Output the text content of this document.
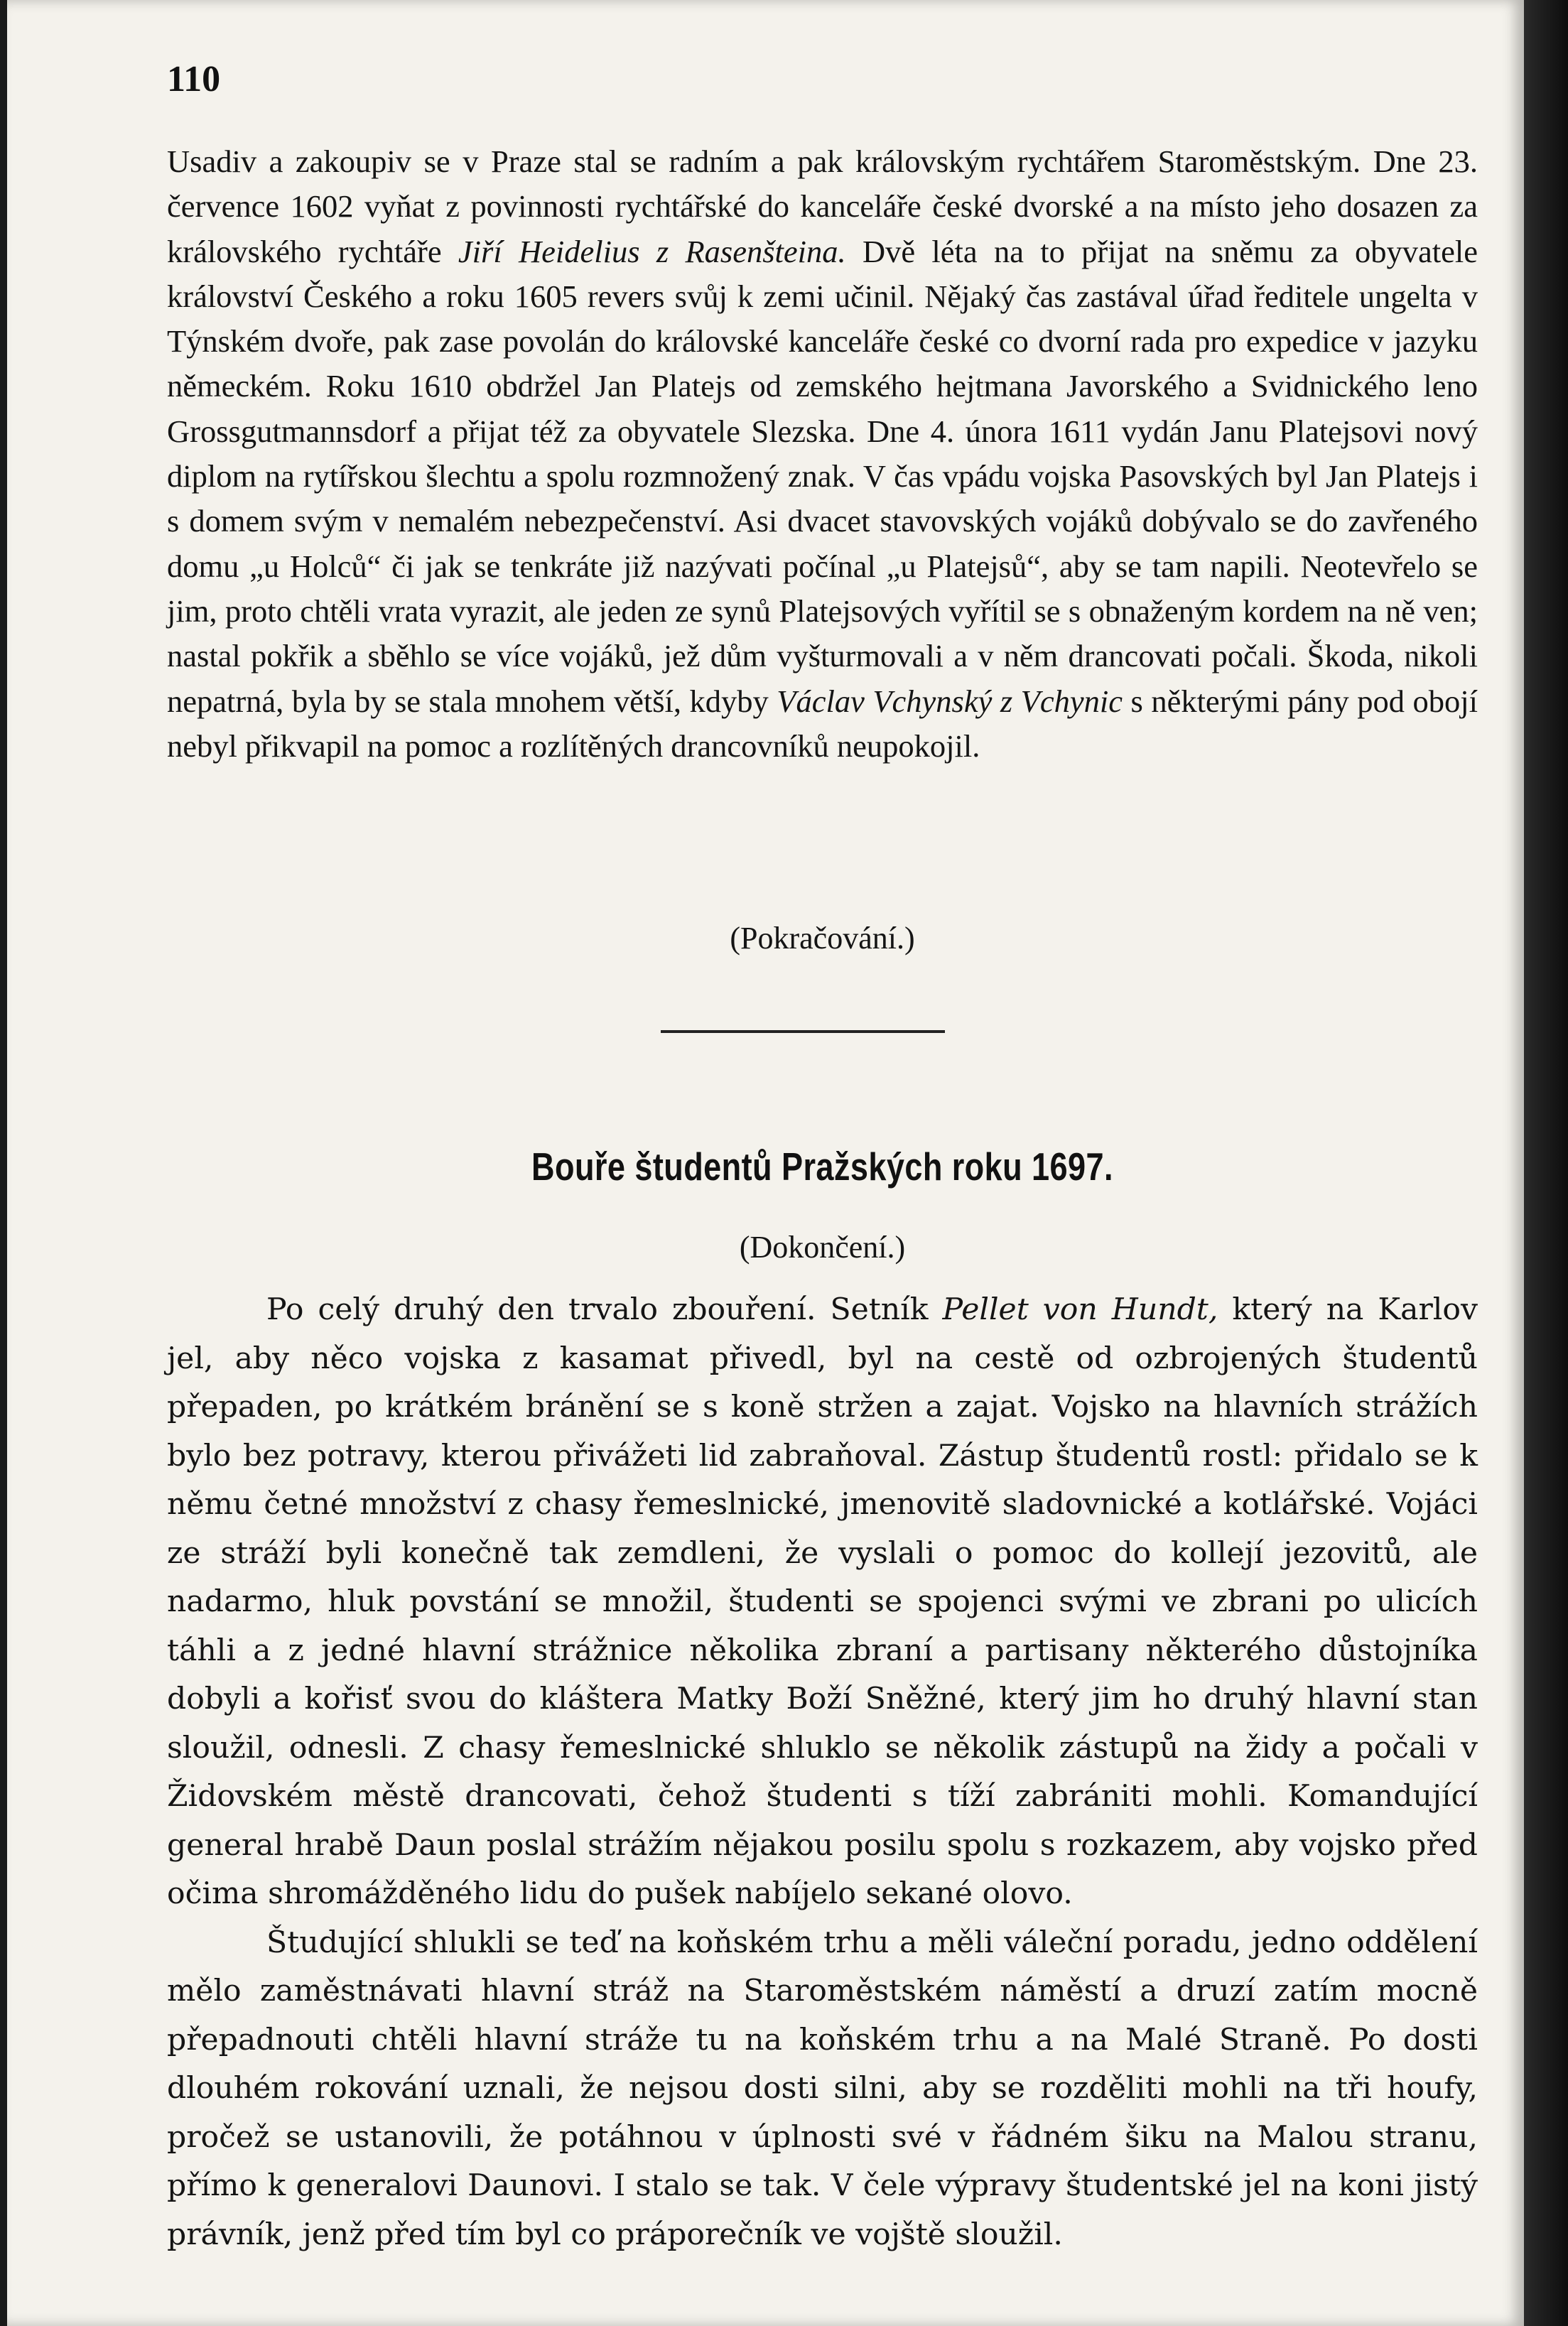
110

Usadiv a zakoupiv se v Praze stal se radním a pak královským rychtářem Staroměstským. Dne 23. července 1602 vyňat z povinnosti rychtářské do kanceláře české dvorské a na místo jeho dosazen za královského rychtáře Jiří Heidelius z Rasenšteina. Dvě léta na to přijat na sněmu za obyvatele království Českého a roku 1605 revers svůj k zemi učinil. Nějaký čas zastával úřad ředitele ungelta v Týnském dvoře, pak zase povolán do královské kanceláře české co dvorní rada pro expedice v jazyku německém. Roku 1610 obdržel Jan Platejs od zemského hejtmana Javorského a Svidnického leno Grossgutmannsdorf a přijat též za obyvatele Slezska. Dne 4. února 1611 vydán Janu Platejsovi nový diplom na rytířskou šlechtu a spolu rozmnožený znak. V čas vpádu vojska Pasovských byl Jan Platejs i s domem svým v nemalém nebezpečenství. Asi dvacet stavovských vojáků dobývalo se do zavřeného domu „u Holců“ či jak se tenkráte již nazývati počínal „u Platejsů“, aby se tam napili. Neotevřelo se jim, proto chtěli vrata vyrazit, ale jeden ze synů Platejsových vyřítil se s obnaženým kordem na ně ven; nastal pokřik a sběhlo se více vojáků, jež dům vyšturmovali a v něm drancovati počali. Škoda, nikoli nepatrná, byla by se stala mnohem větší, kdyby Václav Vchynský z Vchynic s některými pány pod obojí nebyl přikvapil na pomoc a rozlítěných drancovníků neupokojil.

(Pokračování.)
Bouře študentů Pražských roku 1697.
(Dokončení.)

Po celý druhý den trvalo zbouření. Setník Pellet von Hundt, který na Karlov jel, aby něco vojska z kasamat přivedl, byl na cestě od ozbrojených študentů přepaden, po krátkém bránění se s koně stržen a zajat. Vojsko na hlavních strážích bylo bez potravy, kterou přivážeti lid zabraňoval. Zástup študentů rostl: přidalo se k němu četné množství z chasy řemeslnické, jmenovitě sladovnické a kotlářské. Vojáci ze stráží byli konečně tak zemdleni, že vyslali o pomoc do kollejí jezovitů, ale nadarmo, hluk povstání se množil, študenti se spojenci svými ve zbrani po ulicích táhli a z jedné hlavní strážnice několika zbraní a partisany některého důstojníka dobyli a kořisť svou do kláštera Matky Boží Sněžné, který jim ho druhý hlavní stan sloužil, odnesli. Z chasy řemeslnické shluklo se několik zástupů na židy a počali v Židovském městě drancovati, čehož študenti s tíží zabrániti mohli. Komandující general hrabě Daun poslal strážím nějakou posilu spolu s rozkazem, aby vojsko před očima shromážděného lidu do pušek nabíjelo sekané olovo.

Študující shlukli se teď na koňském trhu a měli váleční poradu, jedno oddělení mělo zaměstnávati hlavní stráž na Staroměstském náměstí a druzí zatím mocně přepadnouti chtěli hlavní stráže tu na koňském trhu a na Malé Straně. Po dosti dlouhém rokování uznali, že nejsou dosti silni, aby se rozděliti mohli na tři houfy, pročež se ustanovili, že potáhnou v úplnosti své v řádném šiku na Malou stranu, přímo k generalovi Daunovi. I stalo se tak. V čele výpravy študentské jel na koni jistý právník, jenž před tím byl co práporečník ve vojště sloužil.
